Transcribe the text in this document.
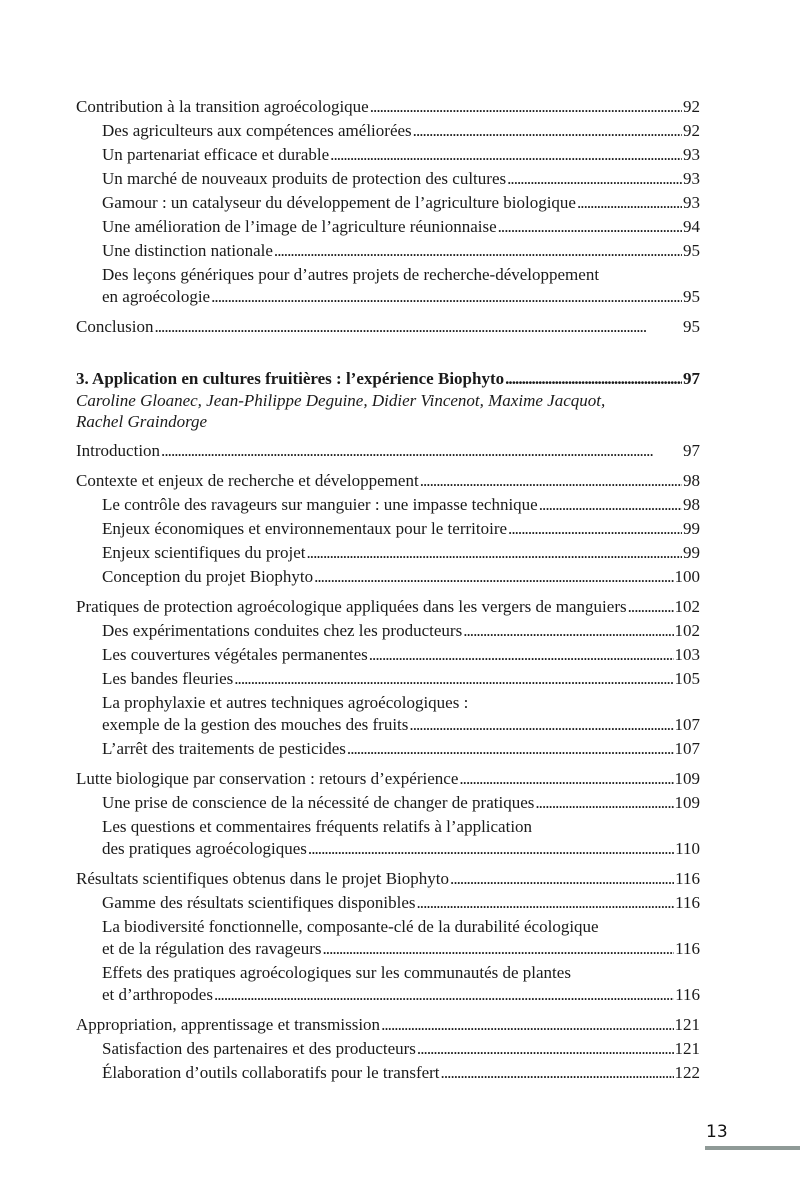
Contribution à la transition agroécologique . . .	92
Des agriculteurs aux compétences améliorées . . .	92
Un partenariat efficace et durable . . .	93
Un marché de nouveaux produits de protection des cultures . . .	93
Gamour : un catalyseur du développement de l’agriculture biologique . . .	93
Une amélioration de l’image de l’agriculture réunionnaise . . .	94
Une distinction nationale . . .	95
Des leçons génériques pour d’autres projets de recherche-développement
en agroécologie . . .	95
Conclusion . . .	95
3. Application en cultures fruitières : l’expérience Biophyto . . .	97
Caroline Gloanec, Jean-Philippe Deguine, Didier Vincenot, Maxime Jacquot,
Rachel Graindorge
Introduction . . .	97
Contexte et enjeux de recherche et développement . . .	98
Le contrôle des ravageurs sur manguier : une impasse technique . . .	98
Enjeux économiques et environnementaux pour le territoire . . .	99
Enjeux scientifiques du projet . . .	99
Conception du projet Biophyto . . .	100
Pratiques de protection agroécologique appliquées dans les vergers de manguiers . . .	102
Des expérimentations conduites chez les producteurs . . .	102
Les couvertures végétales permanentes . . .	103
Les bandes fleuries . . .	105
La prophylaxie et autres techniques agroécologiques :
exemple de la gestion des mouches des fruits . . .	107
L’arrêt des traitements de pesticides . . .	107
Lutte biologique par conservation : retours d’expérience . . .	109
Une prise de conscience de la nécessité de changer de pratiques . . .	109
Les questions et commentaires fréquents relatifs à l’application
des pratiques agroécologiques . . .	110
Résultats scientifiques obtenus dans le projet Biophyto . . .	116
Gamme des résultats scientifiques disponibles . . .	116
La biodiversité fonctionnelle, composante-clé de la durabilité écologique
et de la régulation des ravageurs . . .	116
Effets des pratiques agroécologiques sur les communautés de plantes
et d’arthropodes . . .	116
Appropriation, apprentissage et transmission . . .	121
Satisfaction des partenaires et des producteurs . . .	121
Élaboration d’outils collaboratifs pour le transfert . . .	122
13
